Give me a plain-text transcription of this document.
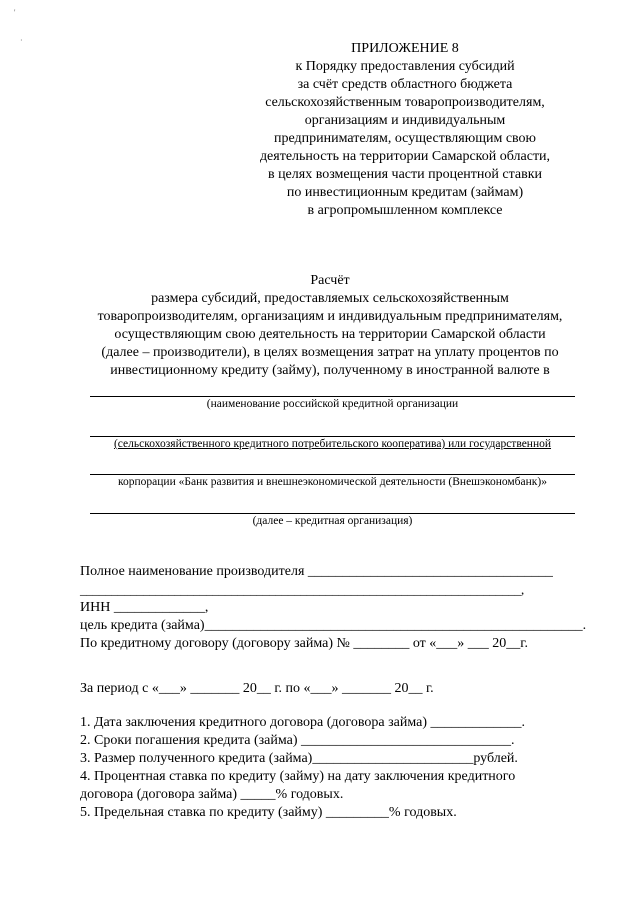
'
·
ПРИЛОЖЕНИЕ 8
к Порядку предоставления субсидий
за счёт средств областного бюджета
сельскохозяйственным товаропроизводителям,
организациям и индивидуальным
предпринимателям, осуществляющим свою
деятельность на территории Самарской области,
в целях возмещения части процентной ставки
по инвестиционным кредитам (займам)
в агропромышленном комплексе
Расчёт
размера субсидий, предоставляемых сельскохозяйственным
товаропроизводителям, организациям и индивидуальным предпринимателям,
осуществляющим свою деятельность на территории Самарской области
(далее – производители), в целях возмещения затрат на уплату процентов по
инвестиционному кредиту (займу), полученному в иностранной валюте в
(наименование российской кредитной организации
(сельскохозяйственного кредитного потребительского кооператива) или государственной
корпорации «Банк развития и внешнеэкономической деятельности (Внешэкономбанк)»
(далее – кредитная организация)
Полное наименование производителя ___________________________________
______________________________________________________________________,
ИНН _____________,
цель кредита (займа)______________________________________________________.
По кредитному договору (договору займа) № ________ от «___» ___ 20__г.
За период с «___» _______ 20__ г. по «___» _______ 20__ г.
1. Дата заключения кредитного договора (договора займа) _____________.
2. Сроки погашения кредита (займа) ______________________________.
3. Размер полученного кредита (займа)_______________________рублей.
4. Процентная ставка по кредиту (займу) на дату заключения кредитного
договора (договора займа) _____% годовых.
5. Предельная ставка по кредиту (займу) _________% годовых.
